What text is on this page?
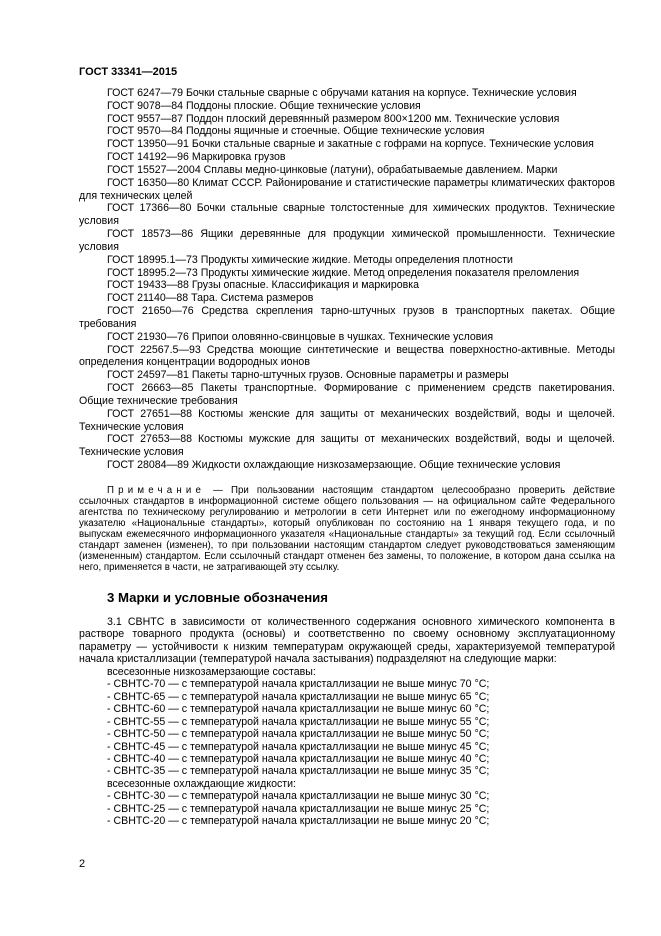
ГОСТ 33341—2015

ГОСТ 6247—79 Бочки стальные сварные с обручами катания на корпусе. Технические условия

ГОСТ 9078—84 Поддоны плоские. Общие технические условия

ГОСТ 9557—87 Поддон плоский деревянный размером 800×1200 мм. Технические условия

ГОСТ 9570—84 Поддоны ящичные и стоечные. Общие технические условия

ГОСТ 13950—91 Бочки стальные сварные и закатные с гофрами на корпусе. Технические условия

ГОСТ 14192—96 Маркировка грузов

ГОСТ 15527—2004 Сплавы медно-цинковые (латуни), обрабатываемые давлением. Марки

ГОСТ 16350—80 Климат СССР. Районирование и статистические параметры климатических факторов для технических целей

ГОСТ 17366—80 Бочки стальные сварные толстостенные для химических продуктов. Технические условия

ГОСТ 18573—86 Ящики деревянные для продукции химической промышленности. Технические условия

ГОСТ 18995.1—73 Продукты химические жидкие. Методы определения плотности

ГОСТ 18995.2—73 Продукты химические жидкие. Метод определения показателя преломления

ГОСТ 19433—88 Грузы опасные. Классификация и маркировка

ГОСТ 21140—88 Тара. Система размеров

ГОСТ 21650—76 Средства скрепления тарно-штучных грузов в транспортных пакетах. Общие требования

ГОСТ 21930—76 Припои оловянно-свинцовые в чушках. Технические условия

ГОСТ 22567.5—93 Средства моющие синтетические и вещества поверхностно-активные. Методы определения концентрации водородных ионов

ГОСТ 24597—81 Пакеты тарно-штучных грузов. Основные параметры и размеры

ГОСТ 26663—85 Пакеты транспортные. Формирование с применением средств пакетирования. Общие технические требования

ГОСТ 27651—88 Костюмы женские для защиты от механических воздействий, воды и щелочей. Технические условия

ГОСТ 27653—88 Костюмы мужские для защиты от механических воздействий, воды и щелочей. Технические условия

ГОСТ 28084—89 Жидкости охлаждающие низкозамерзающие. Общие технические условия

Примечание — При пользовании настоящим стандартом целесообразно проверить действие ссылочных стандартов в информационной системе общего пользования — на официальном сайте Федерального агентства по техническому регулированию и метрологии в сети Интернет или по ежегодному информационному указателю «Национальные стандарты», который опубликован по состоянию на 1 января текущего года, и по выпускам ежемесячного информационного указателя «Национальные стандарты» за текущий год. Если ссылочный стандарт заменен (изменен), то при пользовании настоящим стандартом следует руководствоваться заменяющим (измененным) стандартом. Если ссылочный стандарт отменен без замены, то положение, в котором дана ссылка на него, применяется в части, не затрагивающей эту ссылку.

3 Марки и условные обозначения

3.1 СВНТС в зависимости от количественного содержания основного химического компонента в растворе товарного продукта (основы) и соответственно по своему основному эксплуатационному параметру — устойчивости к низким температурам окружающей среды, характеризуемой температурой начала кристаллизации (температурой начала застывания) подразделяют на следующие марки:

всесезонные низкозамерзающие составы:
- СВНТС-70 — с температурой начала кристаллизации не выше минус 70 °С;
- СВНТС-65 — с температурой начала кристаллизации не выше минус 65 °С;
- СВНТС-60 — с температурой начала кристаллизации не выше минус 60 °С;
- СВНТС-55 — с температурой начала кристаллизации не выше минус 55 °С;
- СВНТС-50 — с температурой начала кристаллизации не выше минус 50 °С;
- СВНТС-45 — с температурой начала кристаллизации не выше минус 45 °С;
- СВНТС-40 — с температурой начала кристаллизации не выше минус 40 °С;
- СВНТС-35 — с температурой начала кристаллизации не выше минус 35 °С;
всесезонные охлаждающие жидкости:
- СВНТС-30 — с температурой начала кристаллизации не выше минус 30 °С;
- СВНТС-25 — с температурой начала кристаллизации не выше минус 25 °С;
- СВНТС-20 — с температурой начала кристаллизации не выше минус 20 °С;
2
